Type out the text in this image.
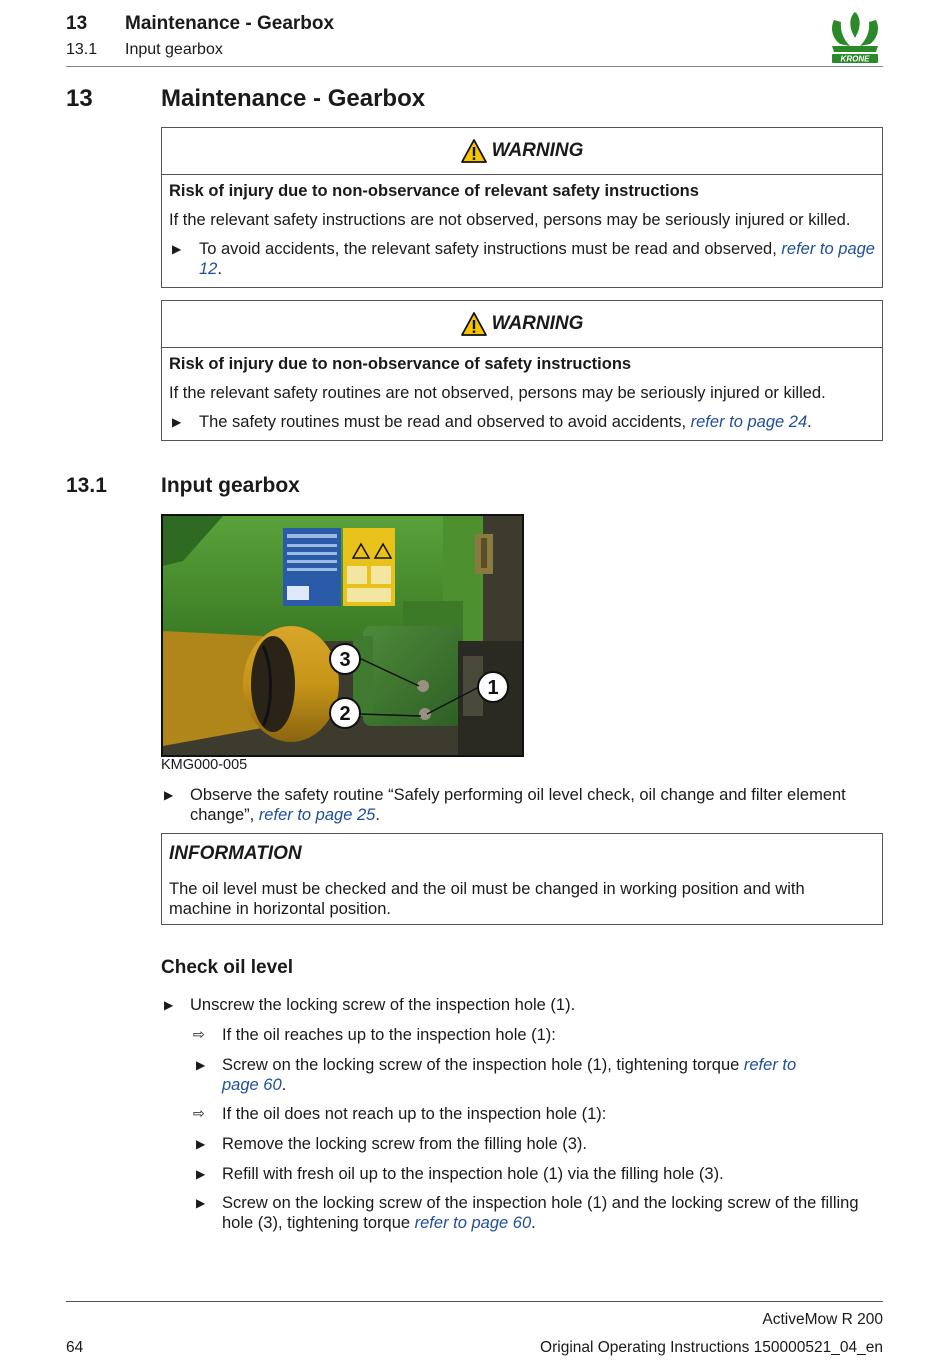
13 Maintenance - Gearbox
13.1 Input gearbox
KRONE
13	Maintenance - Gearbox
WARNING
Risk of injury due to non-observance of relevant safety instructions
If the relevant safety instructions are not observed, persons may be seriously injured or killed.
▶ To avoid accidents, the relevant safety instructions must be read and observed, refer to page 12.
WARNING
Risk of injury due to non-observance of safety instructions
If the relevant safety routines are not observed, persons may be seriously injured or killed.
▶ The safety routines must be read and observed to avoid accidents, refer to page 24.
13.1	Input gearbox
3
1
2
KMG000-005
▶ Observe the safety routine “Safely performing oil level check, oil change and filter element change”, refer to page 25.
INFORMATION
The oil level must be checked and the oil must be changed in working position and with machine in horizontal position.
Check oil level
▶ Unscrew the locking screw of the inspection hole (1).
⇨ If the oil reaches up to the inspection hole (1):
▶ Screw on the locking screw of the inspection hole (1), tightening torque refer to page 60.
⇨ If the oil does not reach up to the inspection hole (1):
▶ Remove the locking screw from the filling hole (3).
▶ Refill with fresh oil up to the inspection hole (1) via the filling hole (3).
▶ Screw on the locking screw of the inspection hole (1) and the locking screw of the filling hole (3), tightening torque refer to page 60.
ActiveMow R 200
64	Original Operating Instructions 150000521_04_en
